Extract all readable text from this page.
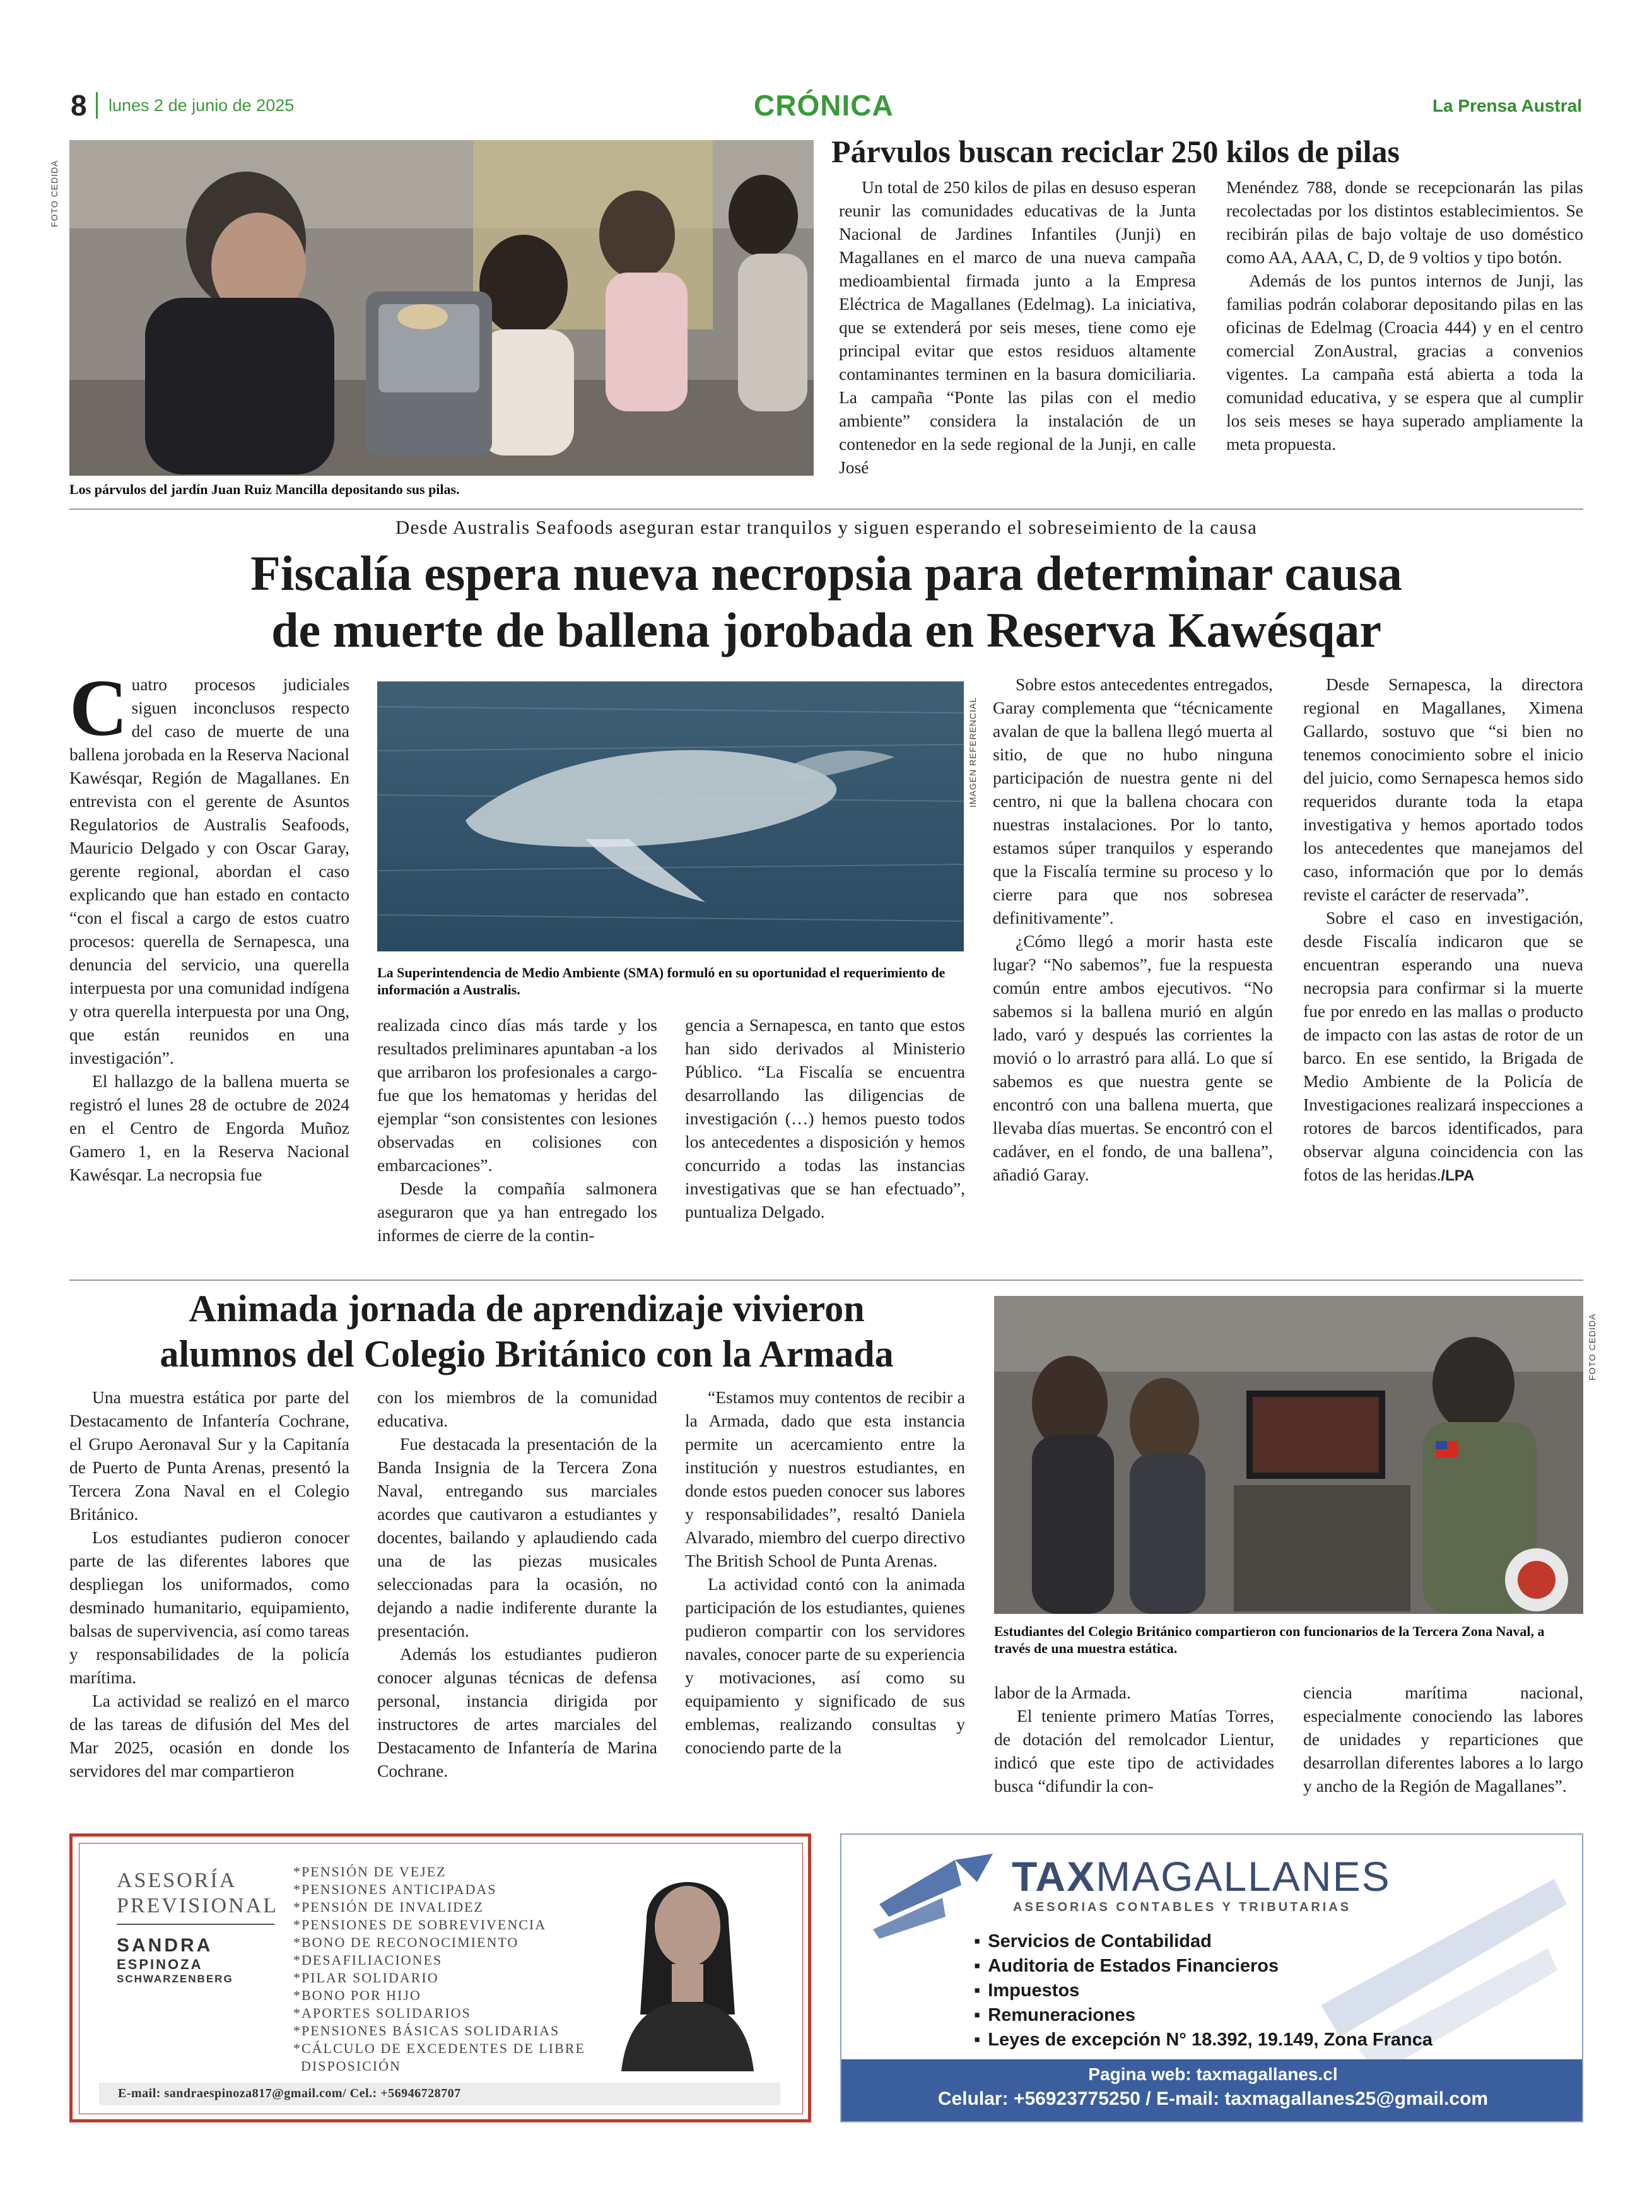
8 lunes 2 de junio de 2025	CRÓNICA	La Prensa Austral
FOTO CEDIDA
Los párvulos del jardín Juan Ruiz Mancilla depositando sus pilas.
Párvulos buscan reciclar 250 kilos de pilas

Un total de 250 kilos de pilas en desuso esperan reunir las comunidades educativas de la Junta Nacional de Jardines Infantiles (Junji) en Magallanes en el marco de una nueva campaña medioambiental firmada junto a la Empresa Eléctrica de Magallanes (Edelmag). La iniciativa, que se extenderá por seis meses, tiene como eje principal evitar que estos residuos altamente contaminantes terminen en la basura domiciliaria. La campaña “Ponte las pilas con el medio ambiente” considera la instalación de un contenedor en la sede regional de la Junji, en calle José

Menéndez 788, donde se recepcionarán las pilas recolectadas por los distintos establecimientos. Se recibirán pilas de bajo voltaje de uso doméstico como AA, AAA, C, D, de 9 voltios y tipo botón.

Además de los puntos internos de Junji, las familias podrán colaborar depositando pilas en las oficinas de Edelmag (Croacia 444) y en el centro comercial ZonAustral, gracias a convenios vigentes. La campaña está abierta a toda la comunidad educativa, y se espera que al cumplir los seis meses se haya superado ampliamente la meta propuesta.

Desde Australis Seafoods aseguran estar tranquilos y siguen esperando el sobreseimiento de la causa
Fiscalía espera nueva necropsia para determinar causa
de muerte de ballena jorobada en Reserva Kawésqar

C uatro procesos judiciales siguen inconclusos respecto del caso de muerte de una ballena jorobada en la Reserva Nacional Kawésqar, Región de Magallanes. En entrevista con el gerente de Asuntos Regulatorios de Australis Seafoods, Mauricio Delgado y con Oscar Garay, gerente regional, abordan el caso explicando que han estado en contacto “con el fiscal a cargo de estos cuatro procesos: querella de Sernapesca, una denuncia del servicio, una querella interpuesta por una comunidad indígena y otra querella interpuesta por una Ong, que están reunidos en una investigación”.

El hallazgo de la ballena muerta se registró el lunes 28 de octubre de 2024 en el Centro de Engorda Muñoz Gamero 1, en la Reserva Nacional Kawésqar. La necropsia fue

IMAGEN REFERENCIAL
La Superintendencia de Medio Ambiente (SMA) formuló en su oportunidad el requerimiento de información a Australis.

realizada cinco días más tarde y los resultados preliminares apuntaban -a los que arribaron los profesionales a cargo- fue que los hematomas y heridas del ejemplar “son consistentes con lesiones observadas en colisiones con embarcaciones”.

Desde la compañía salmonera aseguraron que ya han entregado los informes de cierre de la contin-

gencia a Sernapesca, en tanto que estos han sido derivados al Ministerio Público. “La Fiscalía se encuentra desarrollando las diligencias de investigación (…) hemos puesto todos los antecedentes a disposición y hemos concurrido a todas las instancias investigativas que se han efectuado”, puntualiza Delgado.

Sobre estos antecedentes entregados, Garay complementa que “técnicamente avalan de que la ballena llegó muerta al sitio, de que no hubo ninguna participación de nuestra gente ni del centro, ni que la ballena chocara con nuestras instalaciones. Por lo tanto, estamos súper tranquilos y esperando que la Fiscalía termine su proceso y lo cierre para que nos sobresea definitivamente”.

¿Cómo llegó a morir hasta este lugar? “No sabemos”, fue la respuesta común entre ambos ejecutivos. “No sabemos si la ballena murió en algún lado, varó y después las corrientes la movió o lo arrastró para allá. Lo que sí sabemos es que nuestra gente se encontró con una ballena muerta, que llevaba días muertas. Se encontró con el cadáver, en el fondo, de una ballena”, añadió Garay.

Desde Sernapesca, la directora regional en Magallanes, Ximena Gallardo, sostuvo que “si bien no tenemos conocimiento sobre el inicio del juicio, como Sernapesca hemos sido requeridos durante toda la etapa investigativa y hemos aportado todos los antecedentes que manejamos del caso, información que por lo demás reviste el carácter de reservada”.

Sobre el caso en investigación, desde Fiscalía indicaron que se encuentran esperando una nueva necropsia para confirmar si la muerte fue por enredo en las mallas o producto de impacto con las astas de rotor de un barco. En ese sentido, la Brigada de Medio Ambiente de la Policía de Investigaciones realizará inspecciones a rotores de barcos identificados, para observar alguna coincidencia con las fotos de las heridas./LPA

Animada jornada de aprendizaje vivieron
alumnos del Colegio Británico con la Armada	FOTO CEDIDA
Estudiantes del Colegio Británico compartieron con funcionarios de la Tercera Zona Naval, a través de una muestra estática.

Una muestra estática por parte del Destacamento de Infantería Cochrane, el Grupo Aeronaval Sur y la Capitanía de Puerto de Punta Arenas, presentó la Tercera Zona Naval en el Colegio Británico.

Los estudiantes pudieron conocer parte de las diferentes labores que despliegan los uniformados, como desminado humanitario, equipamiento, balsas de supervivencia, así como tareas y responsabilidades de la policía marítima.

La actividad se realizó en el marco de las tareas de difusión del Mes del Mar 2025, ocasión en donde los servidores del mar compartieron

con los miembros de la comunidad educativa.

Fue destacada la presentación de la Banda Insignia de la Tercera Zona Naval, entregando sus marciales acordes que cautivaron a estudiantes y docentes, bailando y aplaudiendo cada una de las piezas musicales seleccionadas para la ocasión, no dejando a nadie indiferente durante la presentación.

Además los estudiantes pudieron conocer algunas técnicas de defensa personal, instancia dirigida por instructores de artes marciales del Destacamento de Infantería de Marina Cochrane.

“Estamos muy contentos de recibir a la Armada, dado que esta instancia permite un acercamiento entre la institución y nuestros estudiantes, en donde estos pueden conocer sus labores y responsabilidades”, resaltó Daniela Alvarado, miembro del cuerpo directivo The British School de Punta Arenas.

La actividad contó con la animada participación de los estudiantes, quienes pudieron compartir con los servidores navales, conocer parte de su experiencia y motivaciones, así como su equipamiento y significado de sus emblemas, realizando consultas y conociendo parte de la

labor de la Armada.

El teniente primero Matías Torres, de dotación del remolcador Lientur, indicó que este tipo de actividades busca “difundir la con-

ciencia marítima nacional, especialmente conociendo las labores de unidades y reparticiones que desarrollan diferentes labores a lo largo y ancho de la Región de Magallanes”.

ASESORÍA
PREVISIONAL
SANDRA
ESPINOZA
SCHWARZENBERG
*PENSIÓN DE VEJEZ
*PENSIONES ANTICIPADAS
*PENSIÓN DE INVALIDEZ
*PENSIONES DE SOBREVIVENCIA
*BONO DE RECONOCIMIENTO
*DESAFILIACIONES
*PILAR SOLIDARIO
*BONO POR HIJO
*APORTES SOLIDARIOS
*PENSIONES BÁSICAS SOLIDARIAS
*CÁLCULO DE EXCEDENTES DE LIBRE
DISPOSICIÓN
E-mail: sandraespinoza817@gmail.com/ Cel.: +56946728707
TAXMAGALLANES
ASESORIAS CONTABLES Y TRIBUTARIAS
▪ Servicios de Contabilidad
▪ Auditoria de Estados Financieros
▪ Impuestos
▪ Remuneraciones
▪ Leyes de excepción N° 18.392, 19.149, Zona Franca
Pagina web: taxmagallanes.cl
Celular: +56923775250 / E-mail: taxmagallanes25@gmail.com
